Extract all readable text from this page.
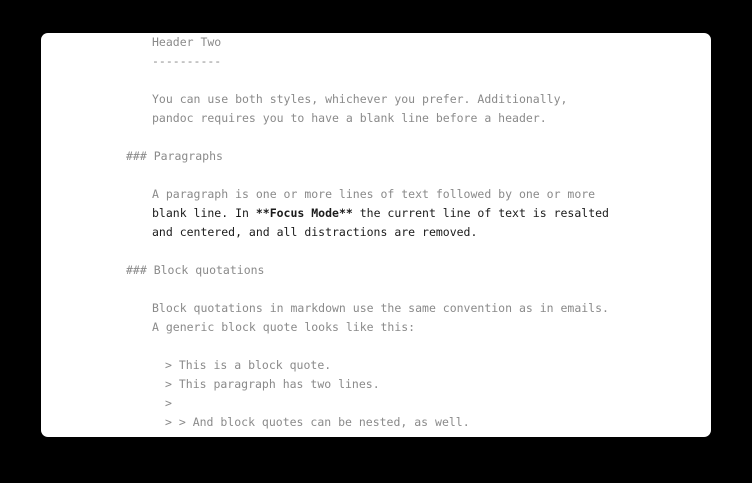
Header Two
----------
You can use both styles, whichever you prefer. Additionally,
pandoc requires you to have a blank line before a header.
### Paragraphs
A paragraph is one or more lines of text followed by one or more
blank line. In **Focus Mode** the current line of text is resalted
and centered, and all distractions are removed.
### Block quotations
Block quotations in markdown use the same convention as in emails.
A generic block quote looks like this:
> This is a block quote.
> This paragraph has two lines.
>
> > And block quotes can be nested, as well.
